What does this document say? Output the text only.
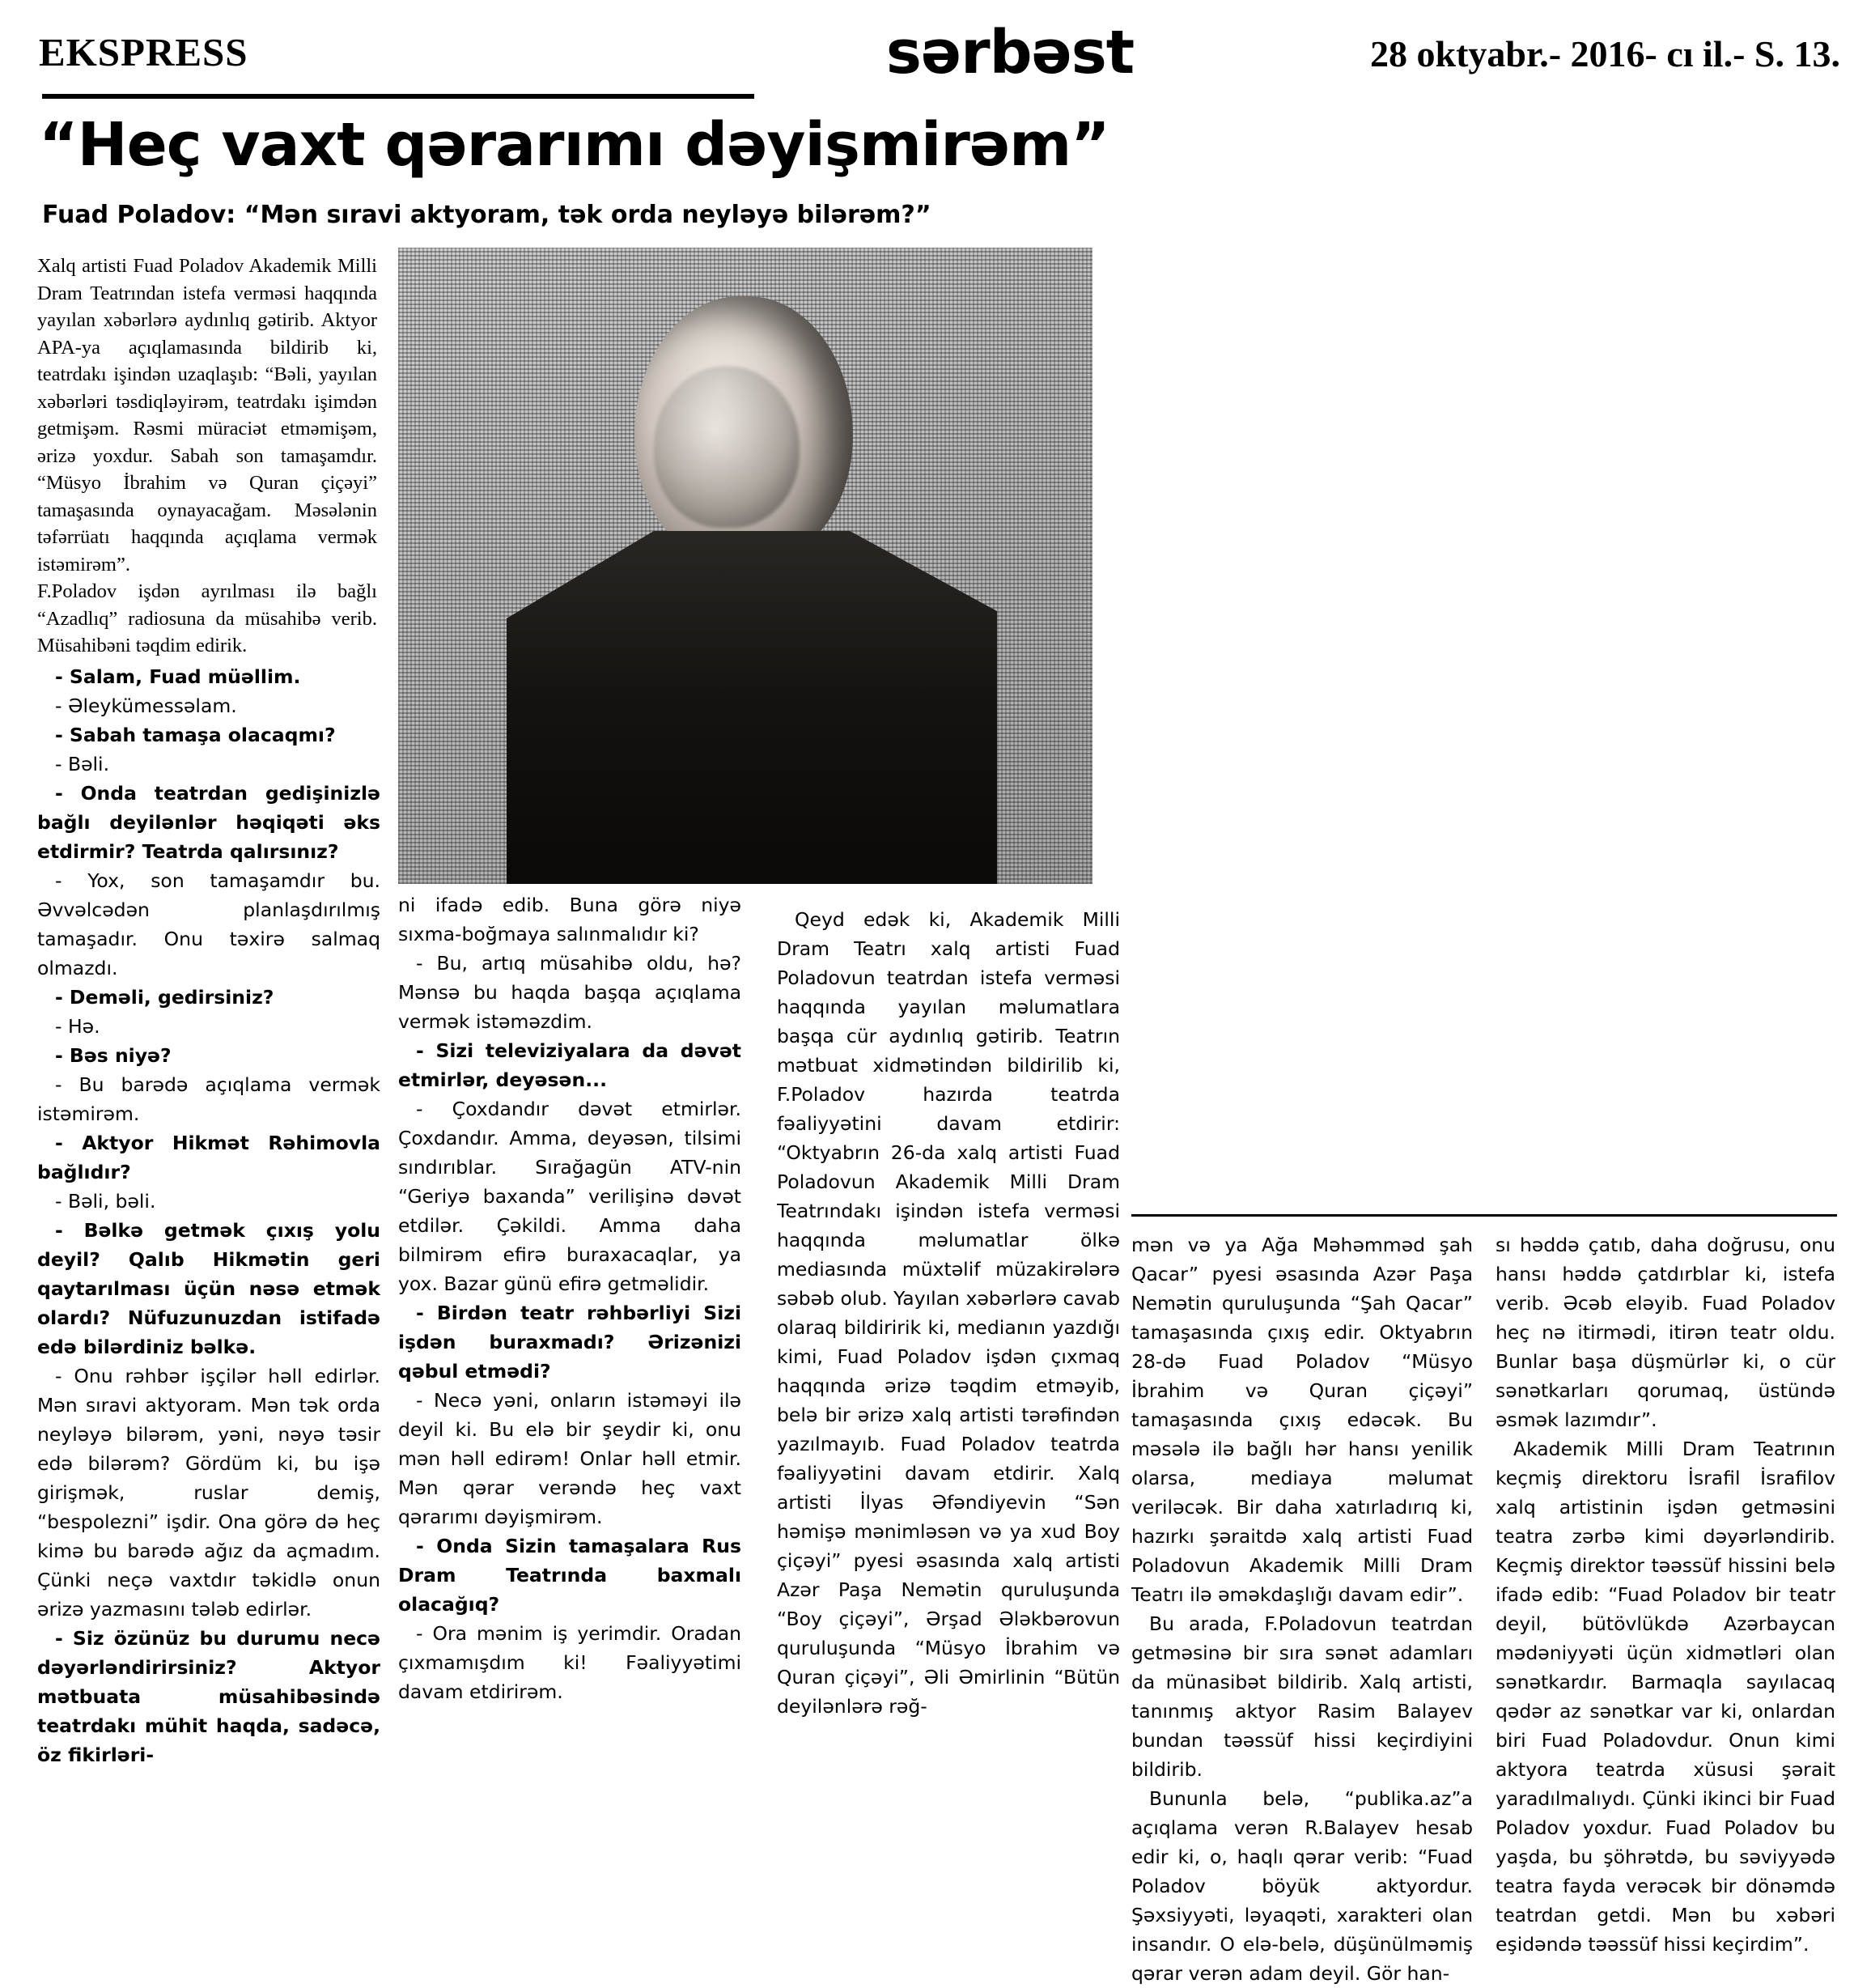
EKSPRESS	sərbəst	28 oktyabr.- 2016- cı il.- S. 13.
“Heç vaxt qərarımı dəyişmirəm”
Fuad Poladov: “Mən sıravi aktyoram, tək orda neyləyə bilərəm?”

Xalq artisti Fuad Poladov Akademik Milli Dram Teatrından istefa verməsi haqqında yayılan xəbərlərə aydınlıq gətirib. Aktyor APA-ya açıqlamasında bildirib ki, teatrdakı işindən uzaqlaşıb: “Bəli, yayılan xəbərləri təsdiqləyirəm, teatrdakı işimdən getmişəm. Rəsmi müraciət etməmişəm, ərizə yoxdur. Sabah son tamaşamdır. “Müsyo İbrahim və Quran çiçəyi” tamaşasında oynayacağam. Məsələnin təfərrüatı haqqında açıqlama vermək istəmirəm”.

F.Poladov işdən ayrılması ilə bağlı “Azadlıq” radiosuna da müsahibə verib. Müsahibəni təqdim edirik.

- Salam, Fuad müəllim.

- Əleykümessəlam.

- Sabah tamaşa olacaqmı?

- Bəli.

- Onda teatrdan gedişinizlə bağlı deyilənlər həqiqəti əks etdirmir? Teatrda qalırsınız?

- Yox, son tamaşamdır bu. Əvvəlcədən planlaşdırılmış tamaşadır. Onu təxirə salmaq olmazdı.

- Deməli, gedirsiniz?

- Hə.

- Bəs niyə?

- Bu barədə açıqlama vermək istəmirəm.

- Aktyor Hikmət Rəhimovla bağlıdır?

- Bəli, bəli.

- Bəlkə getmək çıxış yolu deyil? Qalıb Hikmətin geri qaytarılması üçün nəsə etmək olardı? Nüfuzunuzdan istifadə edə bilərdiniz bəlkə.

- Onu rəhbər işçilər həll edirlər. Mən sıravi aktyoram. Mən tək orda neyləyə bilərəm, yəni, nəyə təsir edə bilərəm? Gördüm ki, bu işə girişmək, ruslar demiş, “bespolezni” işdir. Ona görə də heç kimə bu barədə ağız da açmadım. Çünki neçə vaxtdır təkidlə onun ərizə yazmasını tələb edirlər.

- Siz özünüz bu durumu necə dəyərləndirirsiniz? Aktyor mətbuata müsahibəsində teatrdakı mühit haqda, sadəcə, öz fikirləri-

ni ifadə edib. Buna görə niyə sıxma-boğmaya salınmalıdır ki?

- Bu, artıq müsahibə oldu, hə? Mənsə bu haqda başqa açıqlama vermək istəməzdim.

- Sizi televiziyalara da dəvət etmirlər, deyəsən...

- Çoxdandır dəvət etmirlər. Çoxdandır. Amma, deyəsən, tilsimi sındırıblar. Sırağagün ATV-nin “Geriyə baxanda” verilişinə dəvət etdilər. Çəkildi. Amma daha bilmirəm efirə buraxacaqlar, ya yox. Bazar günü efirə getməlidir.

- Birdən teatr rəhbərliyi Sizi işdən buraxmadı? Ərizənizi qəbul etmədi?

- Necə yəni, onların istəməyi ilə deyil ki. Bu elə bir şeydir ki, onu mən həll edirəm! Onlar həll etmir. Mən qərar verəndə heç vaxt qərarımı dəyişmirəm.

- Onda Sizin tamaşalara Rus Dram Teatrında baxmalı olacağıq?

- Ora mənim iş yerimdir. Oradan çıxmamışdım ki! Fəaliyyətimi davam etdirirəm.

Qeyd edək ki, Akademik Milli Dram Teatrı xalq artisti Fuad Poladovun teatrdan istefa verməsi haqqında yayılan məlumatlara başqa cür aydınlıq gətirib. Teatrın mətbuat xidmətindən bildirilib ki, F.Poladov hazırda teatrda fəaliyyətini davam etdirir: “Oktyabrın 26-da xalq artisti Fuad Poladovun Akademik Milli Dram Teatrındakı işindən istefa verməsi haqqında məlumatlar ölkə mediasında müxtəlif müzakirələrə səbəb olub. Yayılan xəbərlərə cavab olaraq bildiririk ki, medianın yazdığı kimi, Fuad Poladov işdən çıxmaq haqqında ərizə təqdim etməyib, belə bir ərizə xalq artisti tərəfindən yazılmayıb. Fuad Poladov teatrda fəaliyyətini davam etdirir. Xalq artisti İlyas Əfəndiyevin “Sən həmişə mənimləsən və ya xud Boy çiçəyi” pyesi əsasında xalq artisti Azər Paşa Nemətin quruluşunda “Boy çiçəyi”, Ərşad Ələkbərovun quruluşunda “Müsyo İbrahim və Quran çiçəyi”, Əli Əmirlinin “Bütün deyilənlərə rəğ-

mən və ya Ağa Məhəmməd şah Qacar” pyesi əsasında Azər Paşa Nemətin quruluşunda “Şah Qacar” tamaşasında çıxış edir. Oktyabrın 28-də Fuad Poladov “Müsyo İbrahim və Quran çiçəyi” tamaşasında çıxış edəcək. Bu məsələ ilə bağlı hər hansı yenilik olarsa, mediaya məlumat veriləcək. Bir daha xatırladırıq ki, hazırkı şəraitdə xalq artisti Fuad Poladovun Akademik Milli Dram Teatrı ilə əməkdaşlığı davam edir”.

Bu arada, F.Poladovun teatrdan getməsinə bir sıra sənət adamları da münasibət bildirib. Xalq artisti, tanınmış aktyor Rasim Balayev bundan təəssüf hissi keçirdiyini bildirib.

Bununla belə, “publika.az”a açıqlama verən R.Balayev hesab edir ki, o, haqlı qərar verib: “Fuad Poladov böyük aktyordur. Şəxsiyyəti, ləyaqəti, xarakteri olan insandır. O elə-belə, düşünülməmiş qərar verən adam deyil. Gör han-

sı həddə çatıb, daha doğrusu, onu hansı həddə çatdırblar ki, istefa verib. Əcəb eləyib. Fuad Poladov heç nə itirmədi, itirən teatr oldu. Bunlar başa düşmürlər ki, o cür sənətkarları qorumaq, üstündə əsmək lazımdır”.

Akademik Milli Dram Teatrının keçmiş direktoru İsrafil İsrafilov xalq artistinin işdən getməsini teatra zərbə kimi dəyərləndirib. Keçmiş direktor təəssüf hissini belə ifadə edib: “Fuad Poladov bir teatr deyil, bütövlükdə Azərbaycan mədəniyyəti üçün xidmətləri olan sənətkardır. Barmaqla sayılacaq qədər az sənətkar var ki, onlardan biri Fuad Poladovdur. Onun kimi aktyora teatrda xüsusi şərait yaradılmalıydı. Çünki ikinci bir Fuad Poladov yoxdur. Fuad Poladov bu yaşda, bu şöhrətdə, bu səviyyədə teatra fayda verəcək bir dönəmdə teatrdan getdi. Mən bu xəbəri eşidəndə təəssüf hissi keçirdim”.
